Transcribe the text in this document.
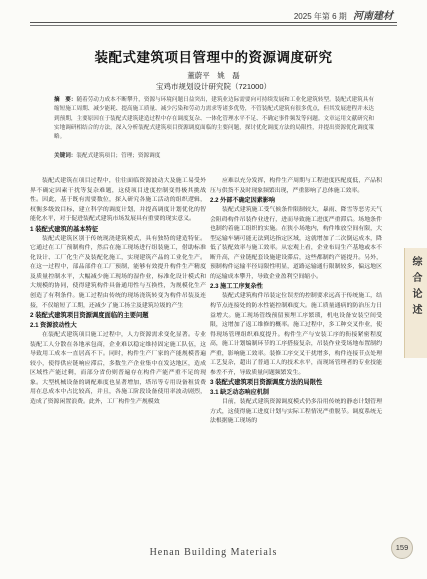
2025 年第 6 期 河南建材
综合论述
装配式建筑项目管理中的资源调度研究
董蔚平　姚　磊
宝鸡市规划设计研究院（721000）
摘　要：随着劳动力成本不断攀升，资源与环境问题日益突出，建筑业边际需要向可持续发展和工业化建筑转型。装配式建筑具有缩短施工周期、减少能耗、提高施工质量、减少污染和劳动力需求等诸多优势，不管装配式建筑有很多优点，但其发展进程并未达到预期，主要原因在于装配式建筑建造过程中存在调度复杂、一体化管理水平不足、不确定事件频发等问题。文章运用文献研究和实地调研相结合的方法，深入分析装配式建筑项目资源调度面临的主要问题，探讨优化调度方法的局限性，并提出资源优化调度策略。
关键词：装配式建筑项目；管理；资源调度

装配式建筑在项目过程中，往往面临资源波动大及施工易受外界不确定因素干扰等复杂难题，这使项目进度控制变得极其挑战性。因此，基于既有需要数位，探入研究各施工活动的组织逻辑，权衡多级效目标，建立科学的调度计划，并提高调度计划优化的智能化水平，对于促进装配式建筑市场发展具有重要的现实意义。

1 装配式建筑的基本特征

装配式建筑区别于传统现浇建筑模式，具有独特的建造特征。它通过在工厂预制构件，然后在施工现场进行组装施工，借助标准化设计、工厂化生产及装配化施工，实现建筑产品的工业化生产。在这一过程中，部品部件在工厂预制，能够有效提升构件生产精度及质量控制水平，大幅减少施工现场的湿作业，标准化设计模式和大规模的协同，使得建筑构件具备通用性与互换性，为规模化生产创造了有利条件。施工过程由传统的现场浇筑转变为构件吊装及连接，不仅缩短了工期，还减少了施工扬尘及建筑垃圾的产生

2 装配式建筑项目资源调度面临的主要问题
2.1 资源波动性大

在装配式建筑项目施工过程中，人力资源需求变化显著。专业装配工人分散在各地承包商，企业难以稳定维持固定施工队伍，这导致用工成本一直居高不下。同时，构件生产厂家的产能规模普遍较小，使得供应链响应滞后，多数生产企业集中在发达地区，造成区域性产能过剩，而部分省份则普遍存在构件产能严重不足的现象。大型机械设备的调配难度也显著增加，塔吊等专用设备租赁费用在总成本中占比较高，并且，各施工阶段设备使用率波动剧烈，造成了资源闲置浪费。此外，工厂构件生产规模效

应难以充分发挥，构件生产周期与工程进度匹配度低，产品积压与供货不及时现象频繁出现，严重影响了总体施工效率。

2.2 外部不确定因素影响

装配式建筑施工受气候条件限制较大，暴雨、降雪等恶劣天气会阻碍构件吊装作业进行，进而导致施工进度严重滞后。场地条件也制约着施工组织的实施。在狭小场地内，构件堆放空间有限，大型运输车辆可能无法到达指定区域，这就增加了二次倒运成本，降低了装配效率与施工效率。从宏观上看，企业布局生产基地或本不断升高，产业链配套设施建设滞后，这些都制约产能提升。另外，预制构件运输半径局限性明显，道路运输通行限制较多，偏远地区的运输成本攀升，导致企业盈利空间缩小。

2.3 施工工序复杂性

装配式建筑构件吊装定位误差的控制要求远高于传统施工，结构节点连接处的防水性能控制难度大。施工质量通病的防治压力日益增大。施工现场管线预留预埋工序繁琐，机电设备安装空间受限，这增加了返工维修的概率。施工过程中，多工种交叉作业，使得现场管理组织难度提升。构件生产与安装工序的衔接紧密程度高，施工计划编制环节的工序搭接复杂，吊装作业受场地布置制约严重，影响施工效率。装修工序交叉干扰增多，构件连接节点处理工艺复杂，超出了普通工人的技术水平，而现场管理者的专业技能参差不齐，导致质量问题频繁发生。

3 装配式建筑项目资源调度方法的局限性
3.1 缺乏动态响应机制

目前，装配式建筑资源调度模式仍多沿用传统的静态计划管理方式，这使得施工进度计划与实际工程情况严重脱节。调度系统无法根据施工现场的

Henan Building Materials	159
